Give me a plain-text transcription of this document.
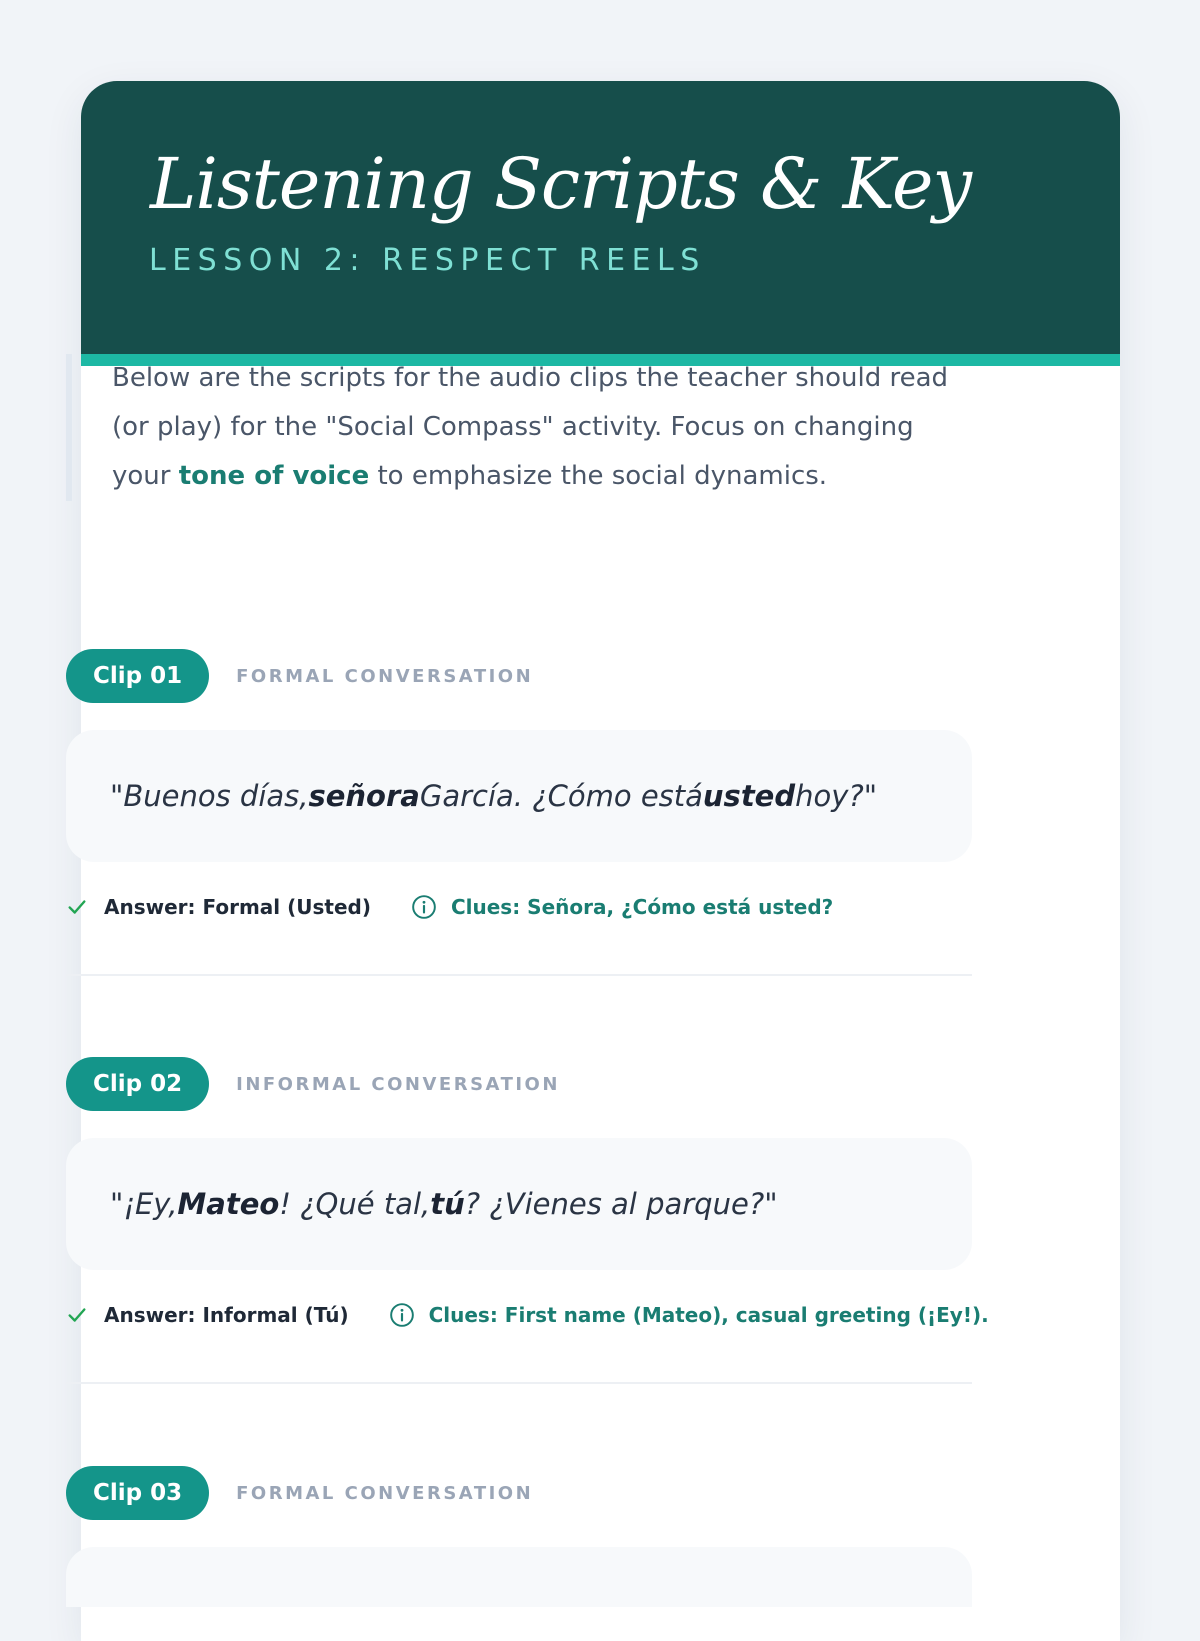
Listening Scripts & Key
LESSON 2: RESPECT REELS
Below are the scripts for the audio clips the teacher should read (or play) for the "Social Compass" activity. Focus on changing your tone of voice to emphasize the social dynamics.
Clip 01	FORMAL CONVERSATION
"Buenos días, señora García. ¿Cómo está usted hoy?"
Answer: Formal (Usted)	Clues: Señora, ¿Cómo está usted?
Clip 02	INFORMAL CONVERSATION
"¡Ey, Mateo ! ¿Qué tal, tú ? ¿Vienes al parque?"
Answer: Informal (Tú)	Clues: First name (Mateo), casual greeting (¡Ey!).
Clip 03	FORMAL CONVERSATION
